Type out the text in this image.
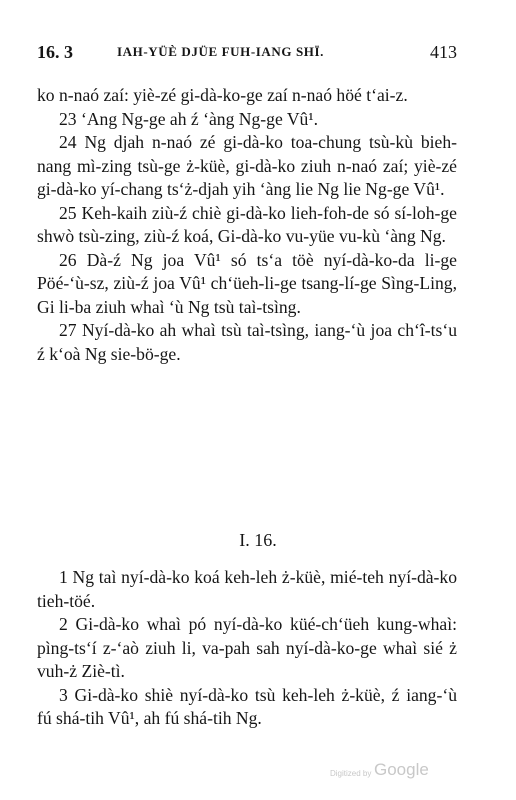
16. 3	IAH-YÜÈ DJÜE FUH-IANG SHÏ.	413

ko n-naó zaí: yiè-zé gi-dà-ko-ge zaí n-naó höé t‘ai-z.

23 ‘Ang Ng-ge ah ź ‘àng Ng-ge Vû¹.

24 Ng djah n-naó zé gi-dà-ko toa-chung tsù-kù bieh-nang mì-zing tsù-ge ż-küè, gi-dà-ko ziuh n-naó zaí; yiè-zé gi-dà-ko yí-chang ts‘ż-djah yih ‘àng lie Ng lie Ng-ge Vû¹.

25 Keh-kaih ziù-ź chiè gi-dà-ko lieh-foh-de só sí-loh-ge shwò tsù-zing, ziù-ź koá, Gi-dà-ko vu-yüe vu-kù ‘àng Ng.

26 Dà-ź Ng joa Vû¹ só ts‘a töè nyí-dà-ko-da li-ge Pöé-‘ù-sz, ziù-ź joa Vû¹ ch‘üeh-li-ge tsang-lí-ge Sìng-Ling, Gi li-ba ziuh whaì ‘ù Ng tsù taì-tsìng.

27 Nyí-dà-ko ah whaì tsù taì-tsìng, iang-‘ù joa ch‘î-ts‘u ź k‘oà Ng sie-bö-ge.

I. 16.

1 Ng taì nyí-dà-ko koá keh-leh ż-küè, mié-teh nyí-dà-ko tieh-töé.

2 Gi-dà-ko whaì pó nyí-dà-ko küé-ch‘üeh kung-whaì: pìng-ts‘í z-‘aò ziuh li, va-pah sah nyí-dà-ko-ge whaì sié ż vuh-ż Ziè-tì.

3 Gi-dà-ko shiè nyí-dà-ko tsù keh-leh ż-küè, ź iang-‘ù fú shá-tih Vû¹, ah fú shá-tih Ng.

Digitized by Google
